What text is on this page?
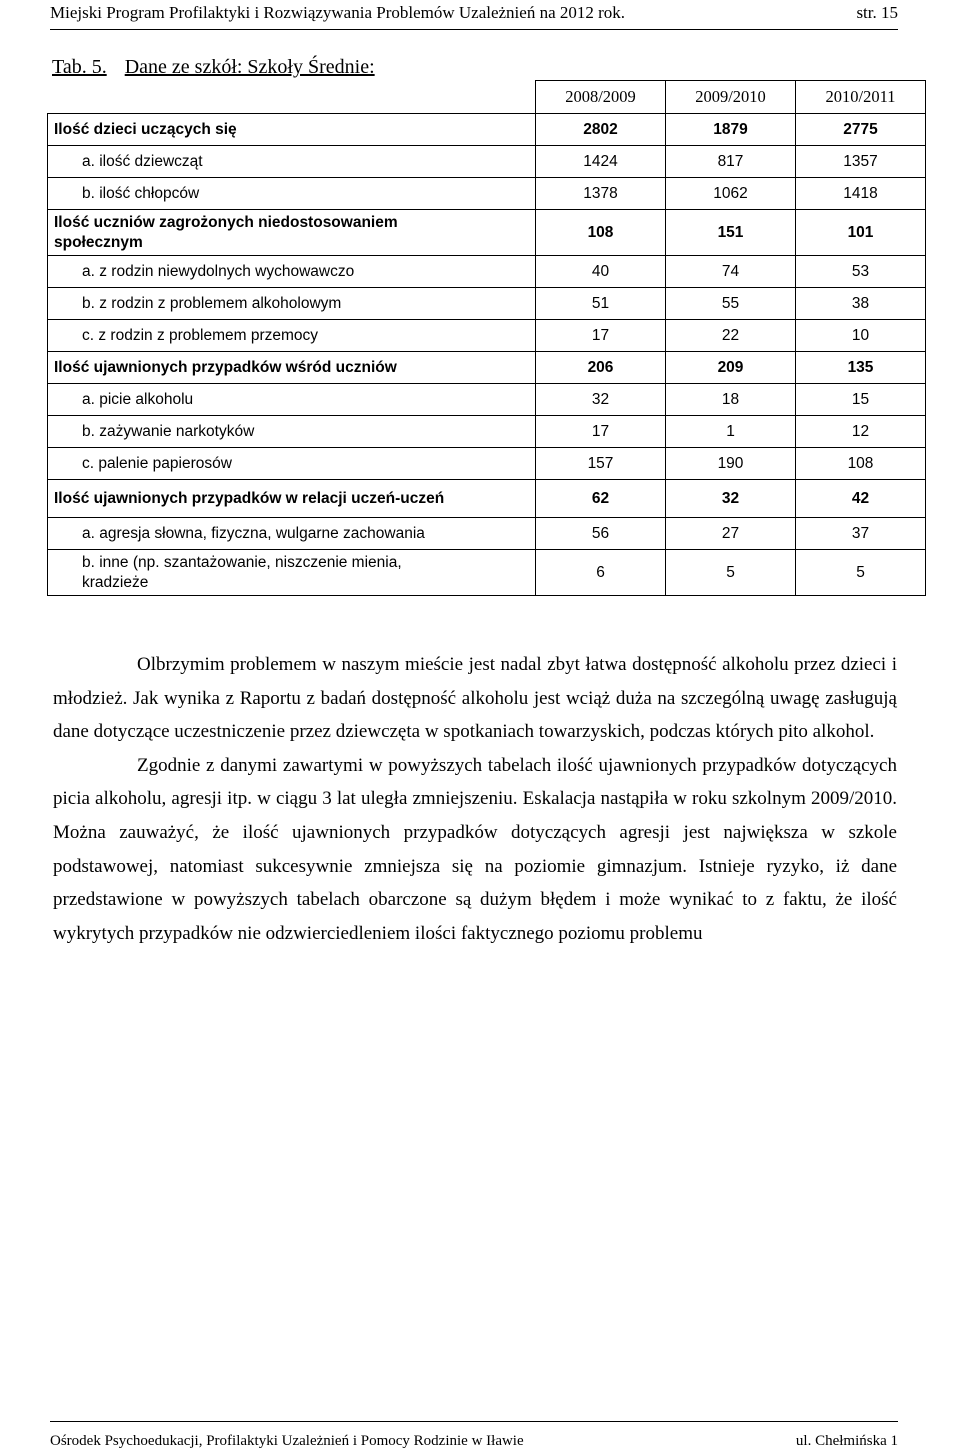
Miejski Program Profilaktyki i Rozwiązywania Problemów Uzależnień na 2012 rok.	str. 15
Tab. 5. Dane ze szkół: Szkoły Średnie:
	2008/2009	2009/2010	2010/2011
Ilość dzieci uczących się	2802	1879	2775
a. ilość dziewcząt	1424	817	1357
b. ilość chłopców	1378	1062	1418
Ilość uczniów zagrożonych niedostosowaniem
społecznym	108	151	101
a. z rodzin niewydolnych wychowawczo	40	74	53
b. z rodzin z problemem alkoholowym	51	55	38
c. z rodzin z problemem przemocy	17	22	10
Ilość ujawnionych przypadków wśród uczniów	206	209	135
a. picie alkoholu	32	18	15
b. zażywanie narkotyków	17	1	12
c. palenie papierosów	157	190	108
Ilość ujawnionych przypadków w relacji uczeń-uczeń	62	32	42
a. agresja słowna, fizyczna, wulgarne zachowania	56	27	37
b. inne (np. szantażowanie, niszczenie mienia,
kradzieże	6	5	5

Olbrzymim problemem w naszym mieście jest nadal zbyt łatwa dostępność alkoholu przez dzieci i młodzież. Jak wynika z Raportu z badań dostępność alkoholu jest wciąż duża na szczególną uwagę zasługują dane dotyczące uczestniczenie przez dziewczęta w spotkaniach towarzyskich, podczas których pito alkohol.

Zgodnie z danymi zawartymi w powyższych tabelach ilość ujawnionych przypadków dotyczących picia alkoholu, agresji itp. w ciągu 3 lat uległa zmniejszeniu. Eskalacja nastąpiła w roku szkolnym 2009/2010. Można zauważyć, że ilość ujawnionych przypadków dotyczących agresji jest największa w szkole podstawowej, natomiast sukcesywnie zmniejsza się na poziomie gimnazjum. Istnieje ryzyko, iż dane przedstawione w powyższych tabelach obarczone są dużym błędem i może wynikać to z faktu, że ilość wykrytych przypadków nie odzwierciedleniem ilości faktycznego poziomu problemu

Ośrodek Psychoedukacji, Profilaktyki Uzależnień i Pomocy Rodzinie w Iławie	ul. Chełmińska 1
